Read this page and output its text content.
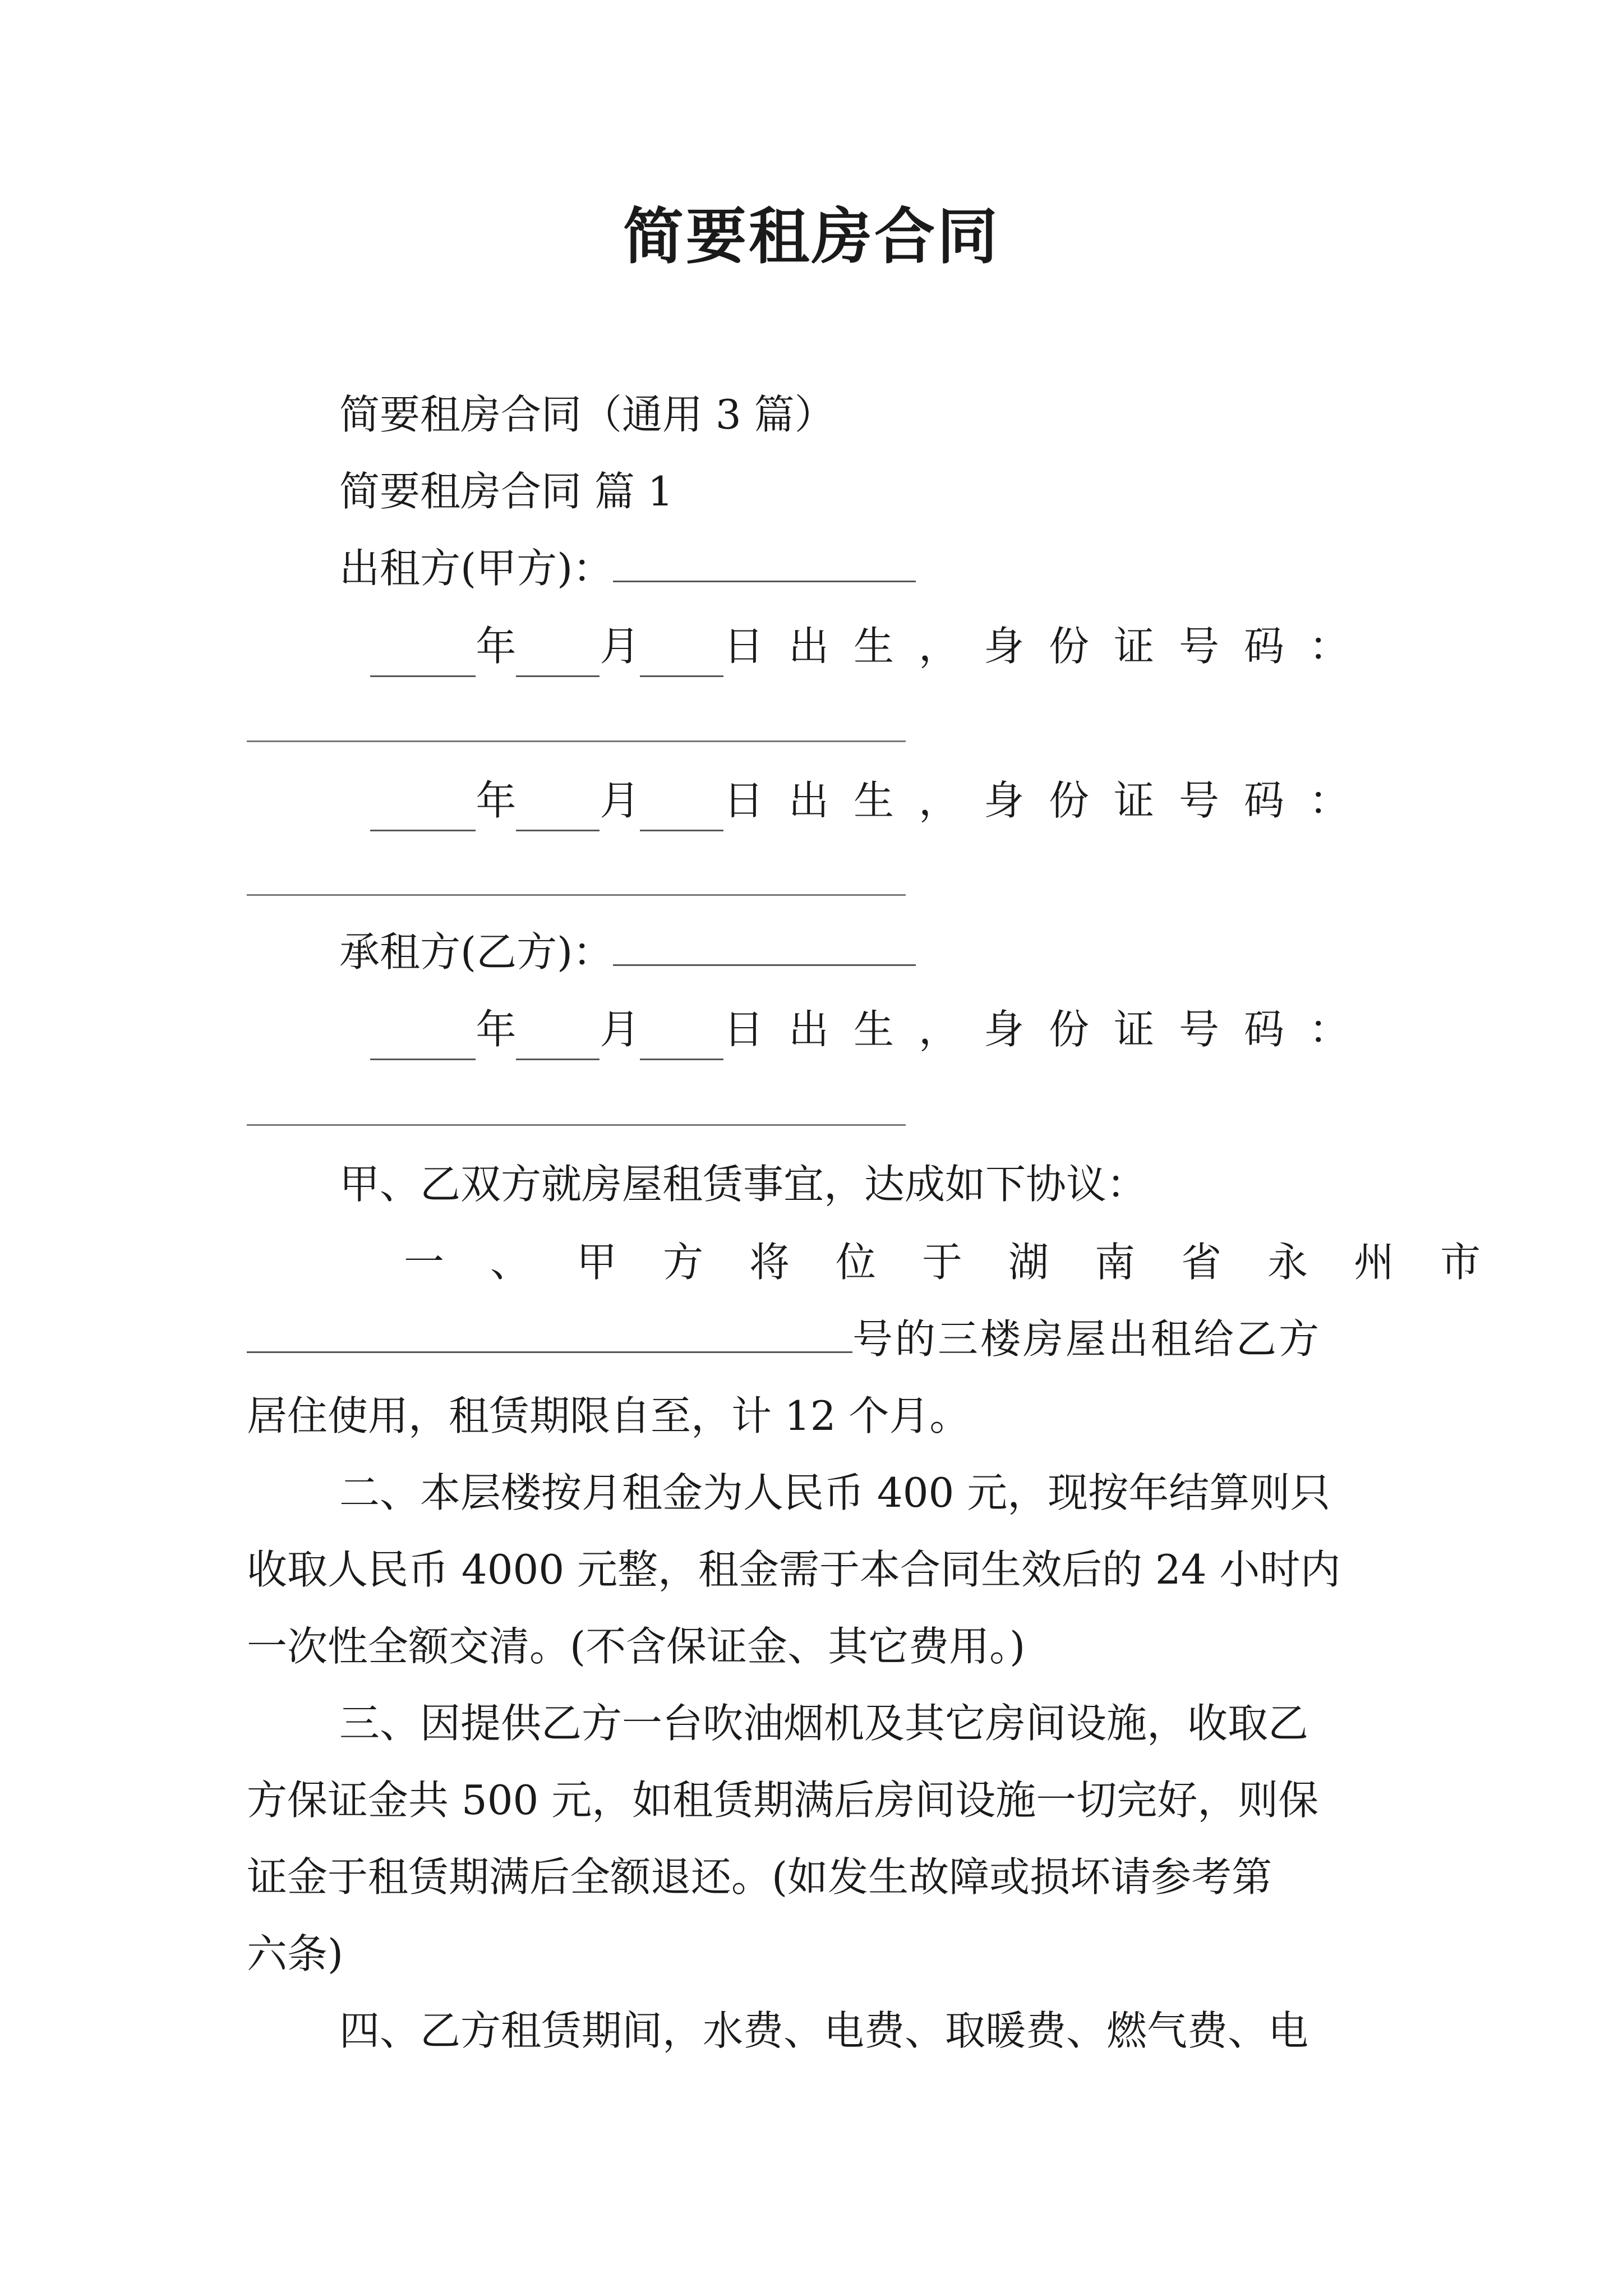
简要租房合同
简要租房合同（通用 3 篇）
简要租房合同 篇 1
出租方(甲方)：
年 月 日出生， 身份证号码：
年 月 日出生， 身份证号码：
承租方(乙方)：
年 月 日出生， 身份证号码：
甲、乙双方就房屋租赁事宜，达成如下协议：
一、甲方将位于湖南省永州市
号的三楼房屋出租给乙方
居住使用，租赁期限自至，计 12 个月。
二、本层楼按月租金为人民币 400 元，现按年结算则只
收取人民币 4000 元整，租金需于本合同生效后的 24 小时内
一次性全额交清。(不含保证金、其它费用。)
三、因提供乙方一台吹油烟机及其它房间设施，收取乙
方保证金共 500 元，如租赁期满后房间设施一切完好，则保
证金于租赁期满后全额退还。(如发生故障或损坏请参考第
六条)
四、乙方租赁期间，水费、电费、取暖费、燃气费、电
